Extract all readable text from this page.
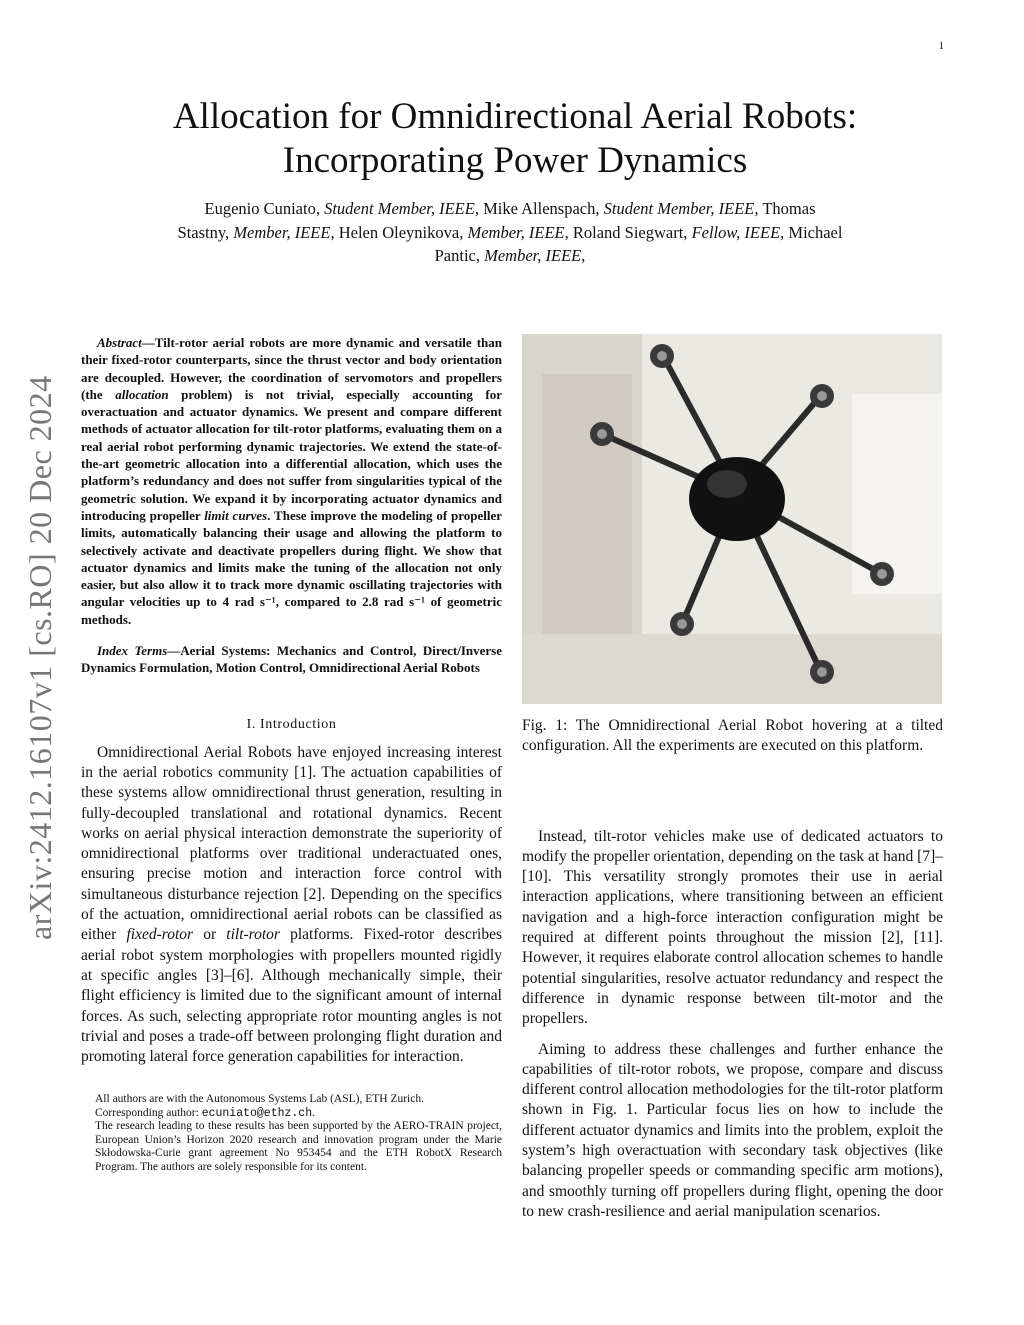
1
arXiv:2412.16107v1 [cs.RO] 20 Dec 2024
Allocation for Omnidirectional Aerial Robots:
Incorporating Power Dynamics
Eugenio Cuniato, Student Member, IEEE, Mike Allenspach, Student Member, IEEE, Thomas
Stastny, Member, IEEE, Helen Oleynikova, Member, IEEE, Roland Siegwart, Fellow, IEEE, Michael
Pantic, Member, IEEE,

Abstract—Tilt-rotor aerial robots are more dynamic and versatile than their fixed-rotor counterparts, since the thrust vector and body orientation are decoupled. However, the coordination of servomotors and propellers (the allocation problem) is not trivial, especially accounting for overactuation and actuator dynamics. We present and compare different methods of actuator allocation for tilt-rotor platforms, evaluating them on a real aerial robot performing dynamic trajectories. We extend the state-of-the-art geometric allocation into a differential allocation, which uses the platform’s redundancy and does not suffer from singularities typical of the geometric solution. We expand it by incorporating actuator dynamics and introducing propeller limit curves. These improve the modeling of propeller limits, automatically balancing their usage and allowing the platform to selectively activate and deactivate propellers during flight. We show that actuator dynamics and limits make the tuning of the allocation not only easier, but also allow it to track more dynamic oscillating trajectories with angular velocities up to 4 rad s⁻¹, compared to 2.8 rad s⁻¹ of geometric methods.

Index Terms—Aerial Systems: Mechanics and Control, Direct/Inverse Dynamics Formulation, Motion Control, Omnidirectional Aerial Robots

I. Introduction

Omnidirectional Aerial Robots have enjoyed increasing interest in the aerial robotics community [1]. The actuation capabilities of these systems allow omnidirectional thrust generation, resulting in fully-decoupled translational and rotational dynamics. Recent works on aerial physical interaction demonstrate the superiority of omnidirectional platforms over traditional underactuated ones, ensuring precise motion and interaction force control with simultaneous disturbance rejection [2]. Depending on the specifics of the actuation, omnidirectional aerial robots can be classified as either fixed-rotor or tilt-rotor platforms. Fixed-rotor describes aerial robot system morphologies with propellers mounted rigidly at specific angles [3]–[6]. Although mechanically simple, their flight efficiency is limited due to the significant amount of internal forces. As such, selecting appropriate rotor mounting angles is not trivial and poses a trade-off between prolonging flight duration and promoting lateral force generation capabilities for interaction.

All authors are with the Autonomous Systems Lab (ASL), ETH Zurich.

Corresponding author: ecuniato@ethz.ch.

The research leading to these results has been supported by the AERO-TRAIN project, European Union’s Horizon 2020 research and innovation program under the Marie Skłodowska-Curie grant agreement No 953454 and the ETH RobotX Research Program. The authors are solely responsible for its content.

Fig. 1: The Omnidirectional Aerial Robot hovering at a tilted configuration. All the experiments are executed on this platform.

Instead, tilt-rotor vehicles make use of dedicated actuators to modify the propeller orientation, depending on the task at hand [7]–[10]. This versatility strongly promotes their use in aerial interaction applications, where transitioning between an efficient navigation and a high-force interaction configuration might be required at different points throughout the mission [2], [11]. However, it requires elaborate control allocation schemes to handle potential singularities, resolve actuator redundancy and respect the difference in dynamic response between tilt-motor and the propellers.

Aiming to address these challenges and further enhance the capabilities of tilt-rotor robots, we propose, compare and discuss different control allocation methodologies for the tilt-rotor platform shown in Fig. 1. Particular focus lies on how to include the different actuator dynamics and limits into the problem, exploit the system’s high overactuation with secondary task objectives (like balancing propeller speeds or commanding specific arm motions), and smoothly turning off propellers during flight, opening the door to new crash-resilience and aerial manipulation scenarios.
